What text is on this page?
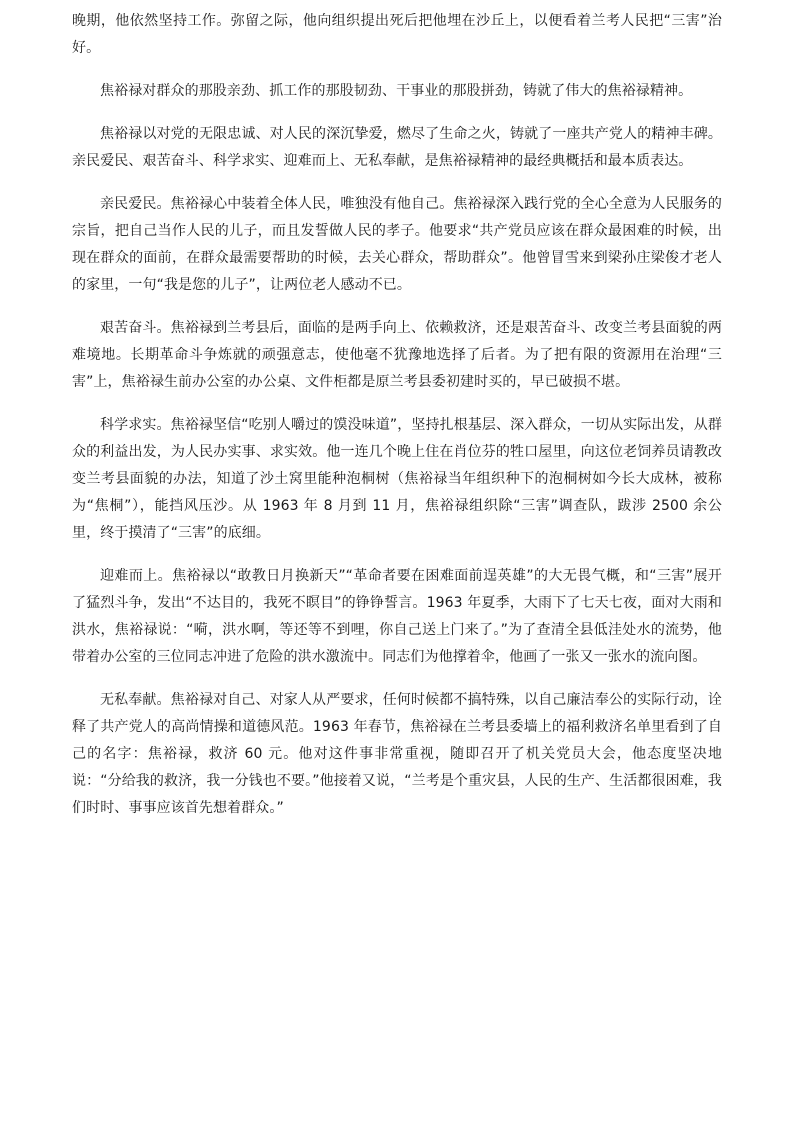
晚期，他依然坚持工作。弥留之际，他向组织提出死后把他埋在沙丘上，以便看着兰考人民把“三害”治好。

焦裕禄对群众的那股亲劲、抓工作的那股韧劲、干事业的那股拼劲，铸就了伟大的焦裕禄精神。

焦裕禄以对党的无限忠诚、对人民的深沉挚爱，燃尽了生命之火，铸就了一座共产党人的精神丰碑。亲民爱民、艰苦奋斗、科学求实、迎难而上、无私奉献，是焦裕禄精神的最经典概括和最本质表达。

亲民爱民。焦裕禄心中装着全体人民，唯独没有他自己。焦裕禄深入践行党的全心全意为人民服务的宗旨，把自己当作人民的儿子，而且发誓做人民的孝子。他要求“共产党员应该在群众最困难的时候，出现在群众的面前，在群众最需要帮助的时候，去关心群众，帮助群众”。他曾冒雪来到梁孙庄梁俊才老人的家里，一句“我是您的儿子”，让两位老人感动不已。

艰苦奋斗。焦裕禄到兰考县后，面临的是两手向上、依赖救济，还是艰苦奋斗、改变兰考县面貌的两难境地。长期革命斗争炼就的顽强意志，使他毫不犹豫地选择了后者。为了把有限的资源用在治理“三害”上，焦裕禄生前办公室的办公桌、文件柜都是原兰考县委初建时买的，早已破损不堪。

科学求实。焦裕禄坚信“吃别人嚼过的馍没味道”，坚持扎根基层、深入群众，一切从实际出发，从群众的利益出发，为人民办实事、求实效。他一连几个晚上住在肖位芬的牲口屋里，向这位老饲养员请教改变兰考县面貌的办法，知道了沙土窝里能种泡桐树（焦裕禄当年组织种下的泡桐树如今长大成林，被称为“焦桐”），能挡风压沙。从 1963 年 8 月到 11 月，焦裕禄组织除“三害”调查队，跋涉 2500 余公里，终于摸清了“三害”的底细。

迎难而上。焦裕禄以“敢教日月换新天”“革命者要在困难面前逞英雄”的大无畏气概，和“三害”展开了猛烈斗争，发出“不达目的，我死不瞑目”的铮铮誓言。1963 年夏季，大雨下了七天七夜，面对大雨和洪水，焦裕禄说：“嗬，洪水啊，等还等不到哩，你自己送上门来了。”为了查清全县低洼处水的流势，他带着办公室的三位同志冲进了危险的洪水激流中。同志们为他撑着伞，他画了一张又一张水的流向图。

无私奉献。焦裕禄对自己、对家人从严要求，任何时候都不搞特殊，以自己廉洁奉公的实际行动，诠释了共产党人的高尚情操和道德风范。1963 年春节，焦裕禄在兰考县委墙上的福利救济名单里看到了自己的名字：焦裕禄，救济 60 元。他对这件事非常重视，随即召开了机关党员大会，他态度坚决地说：“分给我的救济，我一分钱也不要。”他接着又说，“兰考是个重灾县，人民的生产、生活都很困难，我们时时、事事应该首先想着群众。”
